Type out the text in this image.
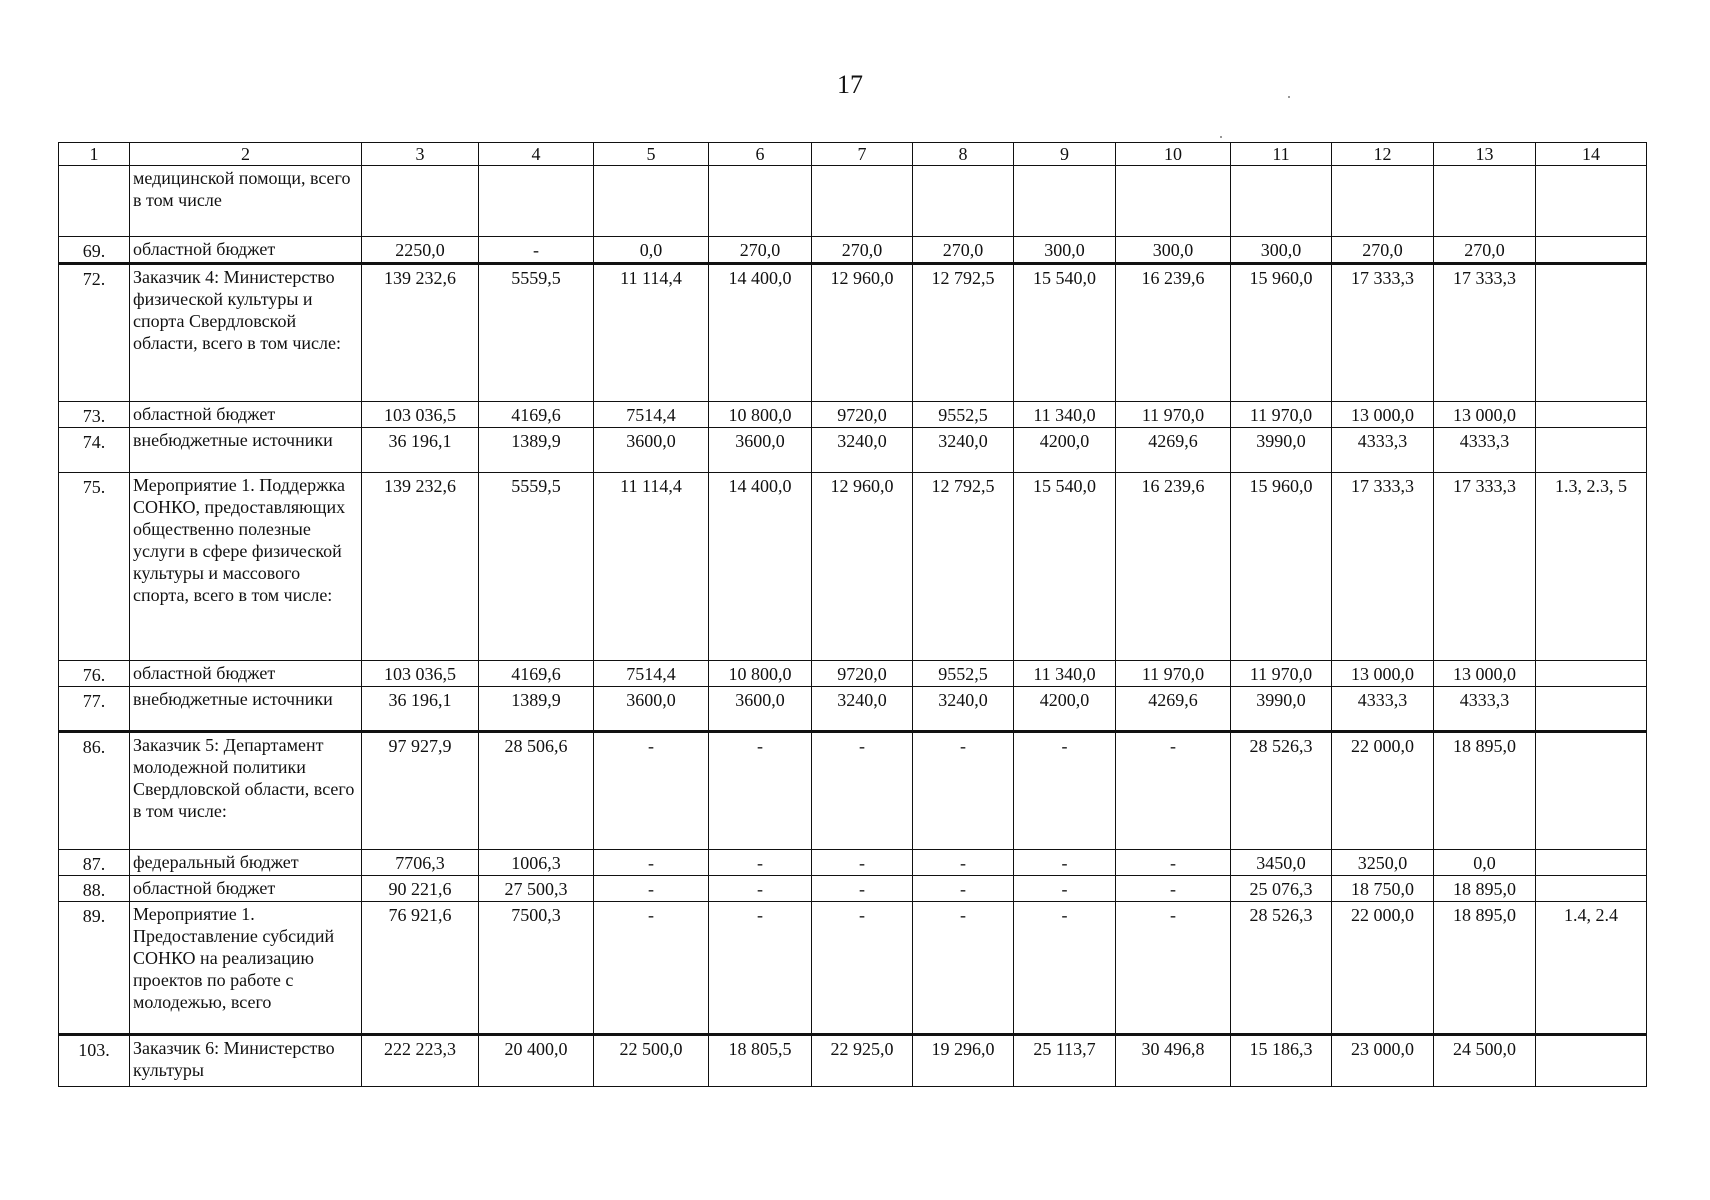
17
1	2	3	4	5	6	7	8	9	10	11	12	13	14
	медицинской помощи, всего в том числе												
69.	областной бюджет	2250,0	-	0,0	270,0	270,0	270,0	300,0	300,0	300,0	270,0	270,0	
72.	Заказчик 4: Министерство физической культуры и спорта Свердловской области, всего в том числе:	139 232,6	5559,5	11 114,4	14 400,0	12 960,0	12 792,5	15 540,0	16 239,6	15 960,0	17 333,3	17 333,3	
73.	областной бюджет	103 036,5	4169,6	7514,4	10 800,0	9720,0	9552,5	11 340,0	11 970,0	11 970,0	13 000,0	13 000,0	
74.	внебюджетные источники	36 196,1	1389,9	3600,0	3600,0	3240,0	3240,0	4200,0	4269,6	3990,0	4333,3	4333,3	
75.	Мероприятие 1. Поддержка СОНКО, предоставляющих общественно полезные услуги в сфере физической культуры и массового спорта, всего в том числе:	139 232,6	5559,5	11 114,4	14 400,0	12 960,0	12 792,5	15 540,0	16 239,6	15 960,0	17 333,3	17 333,3	1.3, 2.3, 5
76.	областной бюджет	103 036,5	4169,6	7514,4	10 800,0	9720,0	9552,5	11 340,0	11 970,0	11 970,0	13 000,0	13 000,0	
77.	внебюджетные источники	36 196,1	1389,9	3600,0	3600,0	3240,0	3240,0	4200,0	4269,6	3990,0	4333,3	4333,3	
86.	Заказчик 5: Департамент молодежной политики Свердловской области, всего в том числе:	97 927,9	28 506,6	-	-	-	-	-	-	28 526,3	22 000,0	18 895,0	
87.	федеральный бюджет	7706,3	1006,3	-	-	-	-	-	-	3450,0	3250,0	0,0	
88.	областной бюджет	90 221,6	27 500,3	-	-	-	-	-	-	25 076,3	18 750,0	18 895,0	
89.	Мероприятие 1. Предоставление субсидий СОНКО на реализацию проектов по работе с молодежью, всего	76 921,6	7500,3	-	-	-	-	-	-	28 526,3	22 000,0	18 895,0	1.4, 2.4
103.	Заказчик 6: Министерство культуры	222 223,3	20 400,0	22 500,0	18 805,5	22 925,0	19 296,0	25 113,7	30 496,8	15 186,3	23 000,0	24 500,0	
